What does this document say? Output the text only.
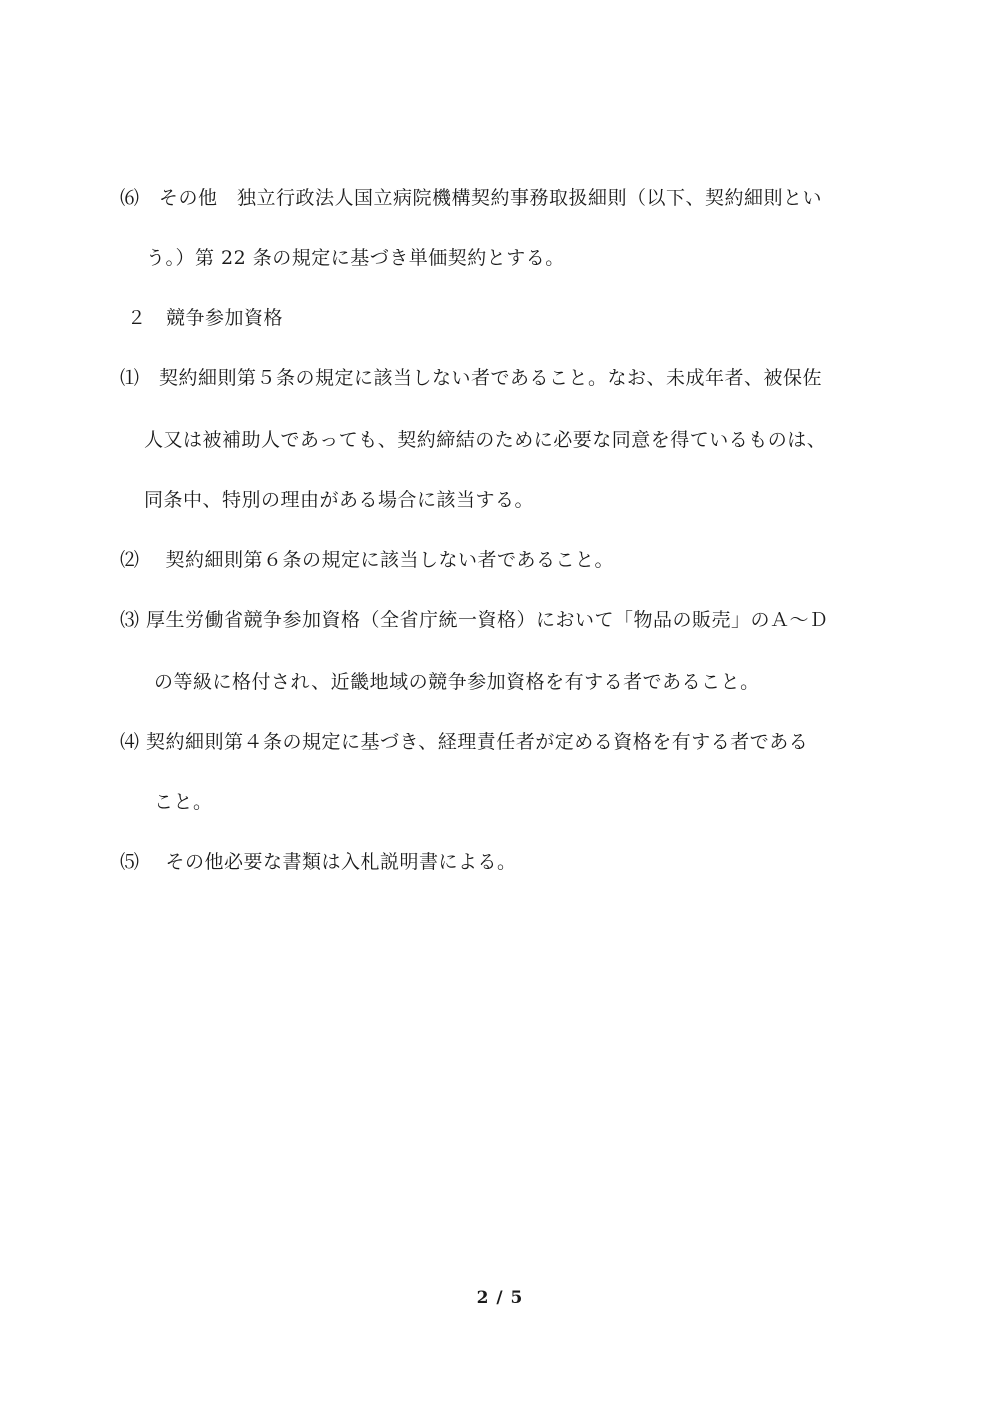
⑹　その他　独立行政法人国立病院機構契約事務取扱細則（以下、契約細則とい
う。）第 22 条の規定に基づき単価契約とする。
２　競争参加資格
⑴　契約細則第５条の規定に該当しない者であること。なお、未成年者、被保佐
人又は被補助人であっても、契約締結のために必要な同意を得ているものは、
同条中、特別の理由がある場合に該当する。
⑵　 契約細則第６条の規定に該当しない者であること。
⑶ 厚生労働省競争参加資格（全省庁統一資格）において「物品の販売」のＡ～Ｄ
の等級に格付され、近畿地域の競争参加資格を有する者であること。
⑷ 契約細則第４条の規定に基づき、経理責任者が定める資格を有する者である
こと。
⑸　 その他必要な書類は入札説明書による。
2 / 5
